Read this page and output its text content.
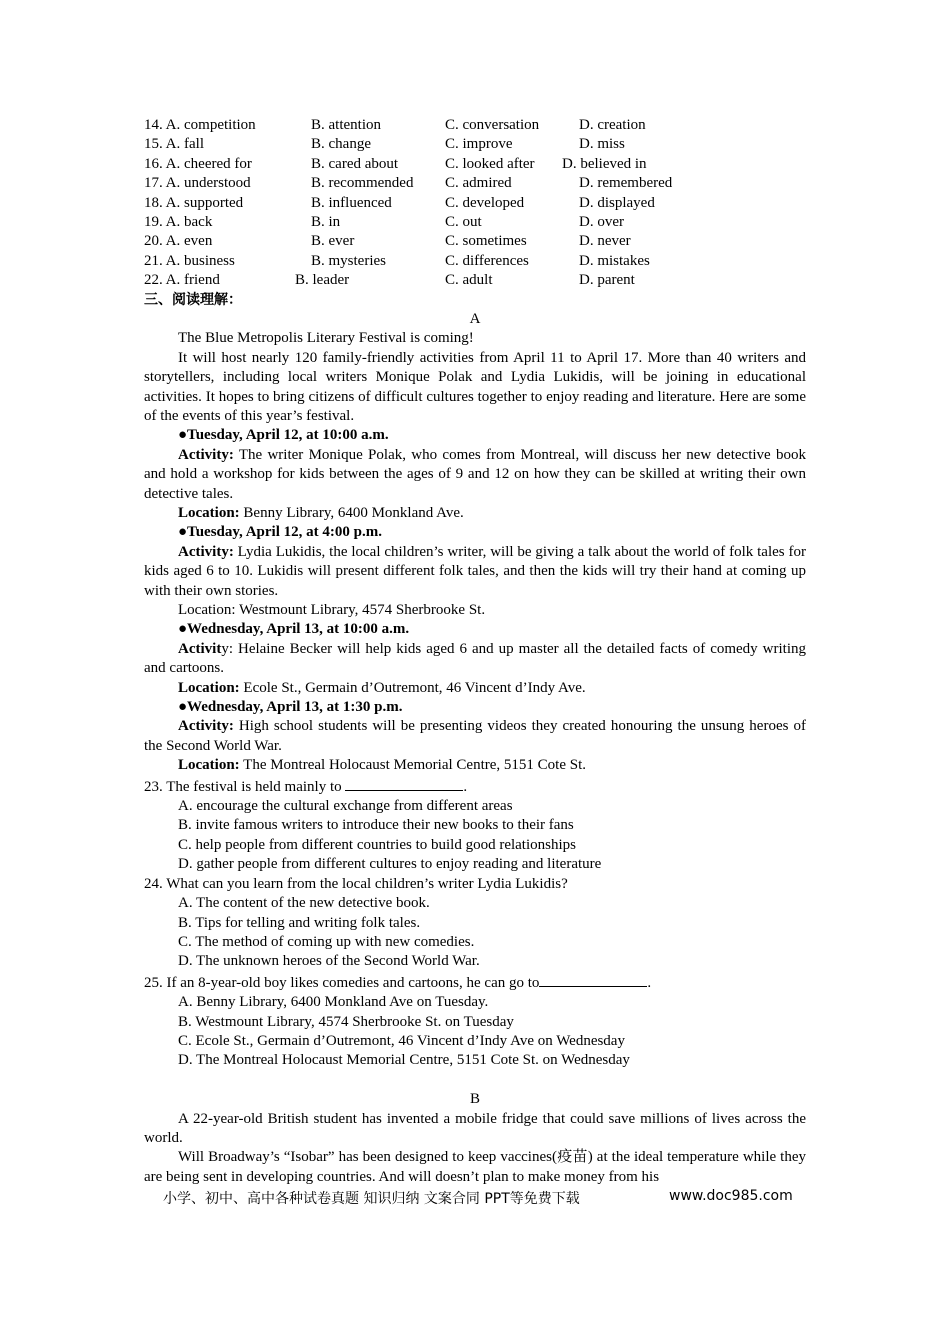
14. A. competition	B. attention	C. conversation	D. creation
15. A. fall	B. change	C. improve	D. miss
16. A. cheered for	B. cared about	C. looked after D. believed in
17. A. understood	B. recommended C. admired	D. remembered
18. A. supported	B. influenced	C. developed	D. displayed
19. A. back	B. in	C. out	D. over
20. A. even	B. ever	C. sometimes	D. never
21. A. business	B. mysteries	C. differences	D. mistakes
22. A. friend	B. leader	C. adult	D. parent
三、阅读理解：
A

The Blue Metropolis Literary Festival is coming!

It will host nearly 120 family-friendly activities from April 11 to April 17. More than 40 writers and storytellers, including local writers Monique Polak and Lydia Lukidis, will be joining in educational activities. It hopes to bring citizens of difficult cultures together to enjoy reading and literature. Here are some of the events of this year’s festival.

●Tuesday, April 12, at 10:00 a.m.

Activity: The writer Monique Polak, who comes from Montreal, will discuss her new detective book and hold a workshop for kids between the ages of 9 and 12 on how they can be skilled at writing their own detective tales.

Location: Benny Library, 6400 Monkland Ave.

●Tuesday, April 12, at 4:00 p.m.

Activity: Lydia Lukidis, the local children’s writer, will be giving a talk about the world of folk tales for kids aged 6 to 10. Lukidis will present different folk tales, and then the kids will try their hand at coming up with their own stories.

Location: Westmount Library, 4574 Sherbrooke St.

●Wednesday, April 13, at 10:00 a.m.

Activity: Helaine Becker will help kids aged 6 and up master all the detailed facts of comedy writing and cartoons.

Location: Ecole St., Germain d’Outremont, 46 Vincent d’Indy Ave.

●Wednesday, April 13, at 1:30 p.m.

Activity: High school students will be presenting videos they created honouring the unsung heroes of the Second World War.

Location: The Montreal Holocaust Memorial Centre, 5151 Cote St.

23. The festival is held mainly to	.

A. encourage the cultural exchange from different areas

B. invite famous writers to introduce their new books to their fans

C. help people from different countries to build good relationships

D. gather people from different cultures to enjoy reading and literature

24. What can you learn from the local children’s writer Lydia Lukidis?

A. The content of the new detective book.

B. Tips for telling and writing folk tales.

C. The method of coming up with new comedies.

D. The unknown heroes of the Second World War.

25. If an 8-year-old boy likes comedies and cartoons, he can go to	.

A. Benny Library, 6400 Monkland Ave on Tuesday.

B. Westmount Library, 4574 Sherbrooke St. on Tuesday

C. Ecole St., Germain d’Outremont, 46 Vincent d’Indy Ave on Wednesday

D. The Montreal Holocaust Memorial Centre, 5151 Cote St. on Wednesday

B

A 22-year-old British student has invented a mobile fridge that could save millions of lives across the world.

Will Broadway’s “Isobar” has been designed to keep vaccines(疫苗) at the ideal temperature while they are being sent in developing countries. And will doesn’t plan to make money from his

小学、初中、高中各种试卷真题 知识归纳 文案合同 PPT等免费下载	www.doc985.com
